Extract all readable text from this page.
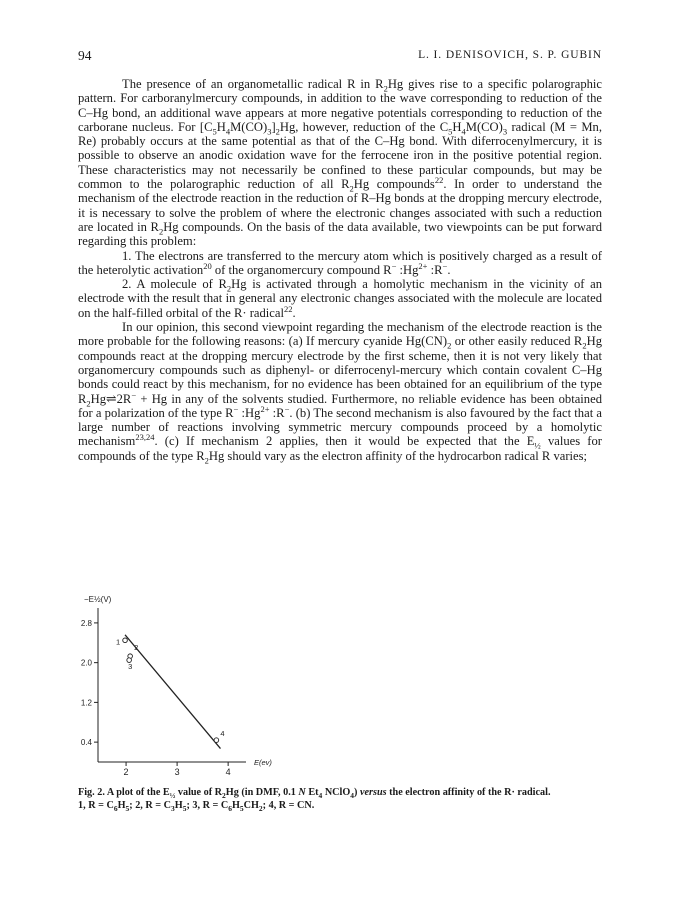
94	L. I. DENISOVICH, S. P. GUBIN

The presence of an organometallic radical R in $R_2Hg$ gives rise to a specific polarographic pattern. For carboranylmercury compounds, in addition to the wave corresponding to reduction of the C–Hg bond, an additional wave appears at more negative potentials corresponding to reduction of the carborane nucleus. For $[C_5H_4M(CO)_3]_2Hg$, however, reduction of the $C_5H_4M(CO)_3$ radical (M = Mn, Re) probably occurs at the same potential as that of the C–Hg bond. With diferrocenylmercury, it is possible to observe an anodic oxidation wave for the ferrocene iron in the positive potential region. These characteristics may not necessarily be confined to these particular compounds, but may be common to the polarographic reduction of all $R_2Hg$ compounds$^{22}$. In order to understand the mechanism of the electrode reaction in the reduction of R–Hg bonds at the dropping mercury electrode, it is necessary to solve the problem of where the electronic changes associated with such a reduction are located in $R_2Hg$ compounds. On the basis of the data available, two viewpoints can be put forward regarding this problem:

1. The electrons are transferred to the mercury atom which is positively charged as a result of the heterolytic activation$^{20}$ of the organomercury compound R− $:Hg^{2+}$ :R−.

2. A molecule of $R_2Hg$ is activated through a homolytic mechanism in the vicinity of an electrode with the result that in general any electronic changes associated with the molecule are located on the half-filled orbital of the R· radical$^{22}$.

In our opinion, this second viewpoint regarding the mechanism of the electrode reaction is the more probable for the following reasons: (a) If mercury cyanide $Hg(CN)_2$ or other easily reduced $R_2Hg$ compounds react at the dropping mercury electrode by the first scheme, then it is not very likely that organomercury compounds such as diphenyl- or diferrocenyl-mercury which contain covalent C–Hg bonds could react by this mechanism, for no evidence has been obtained for an equilibrium of the type $R_2Hg\rightleftharpoons 2R^- + Hg$ in any of the solvents studied. Furthermore, no reliable evidence has been obtained for a polarization of the type R− $:Hg^{2+}$ :R−. (b) The second mechanism is also favoured by the fact that a large number of reactions involving symmetric mercury compounds proceed by a homolytic mechanism$^{23,24}$. (c) If mechanism 2 applies, then it would be expected that the $E_{\frac{1}{2}}$ values for compounds of the type $R_2Hg$ should vary as the electron affinity of the hydrocarbon radical R varies;

2.8
2.0
1.2
0.4
2	3	4
−E½(V)
E(ev)
1
2
3
4
Fig. 2. A plot of the $E_{\frac{1}{2}}$ value of $R_2Hg$ (in DMF, 0.1 N $Et_4$ NClO$_4$) versus the electron affinity of the R· radical.
1, $R = C_6H_5$; 2, $R = C_3H_5$; 3, $R = C_6H_5CH_2$; 4, R = CN.
